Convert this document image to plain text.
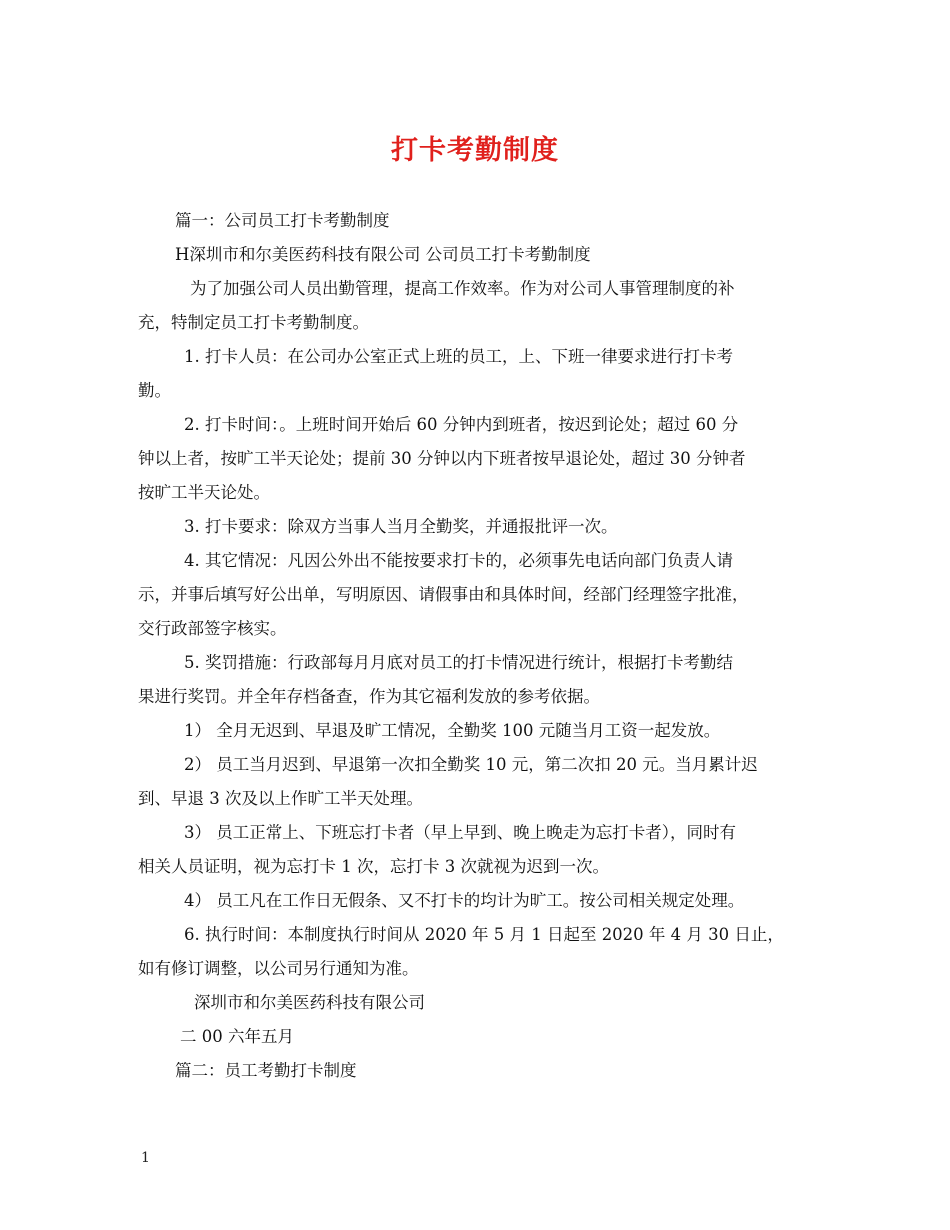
打卡考勤制度
篇一：公司员工打卡考勤制度
H深圳市和尔美医药科技有限公司 公司员工打卡考勤制度
为了加强公司人员出勤管理，提高工作效率。作为对公司人事管理制度的补
充，特制定员工打卡考勤制度。
1. 打卡人员：在公司办公室正式上班的员工，上、下班一律要求进行打卡考
勤。
2. 打卡时间：。上班时间开始后 60 分钟内到班者，按迟到论处；超过 60 分
钟以上者，按旷工半天论处；提前 30 分钟以内下班者按早退论处，超过 30 分钟者
按旷工半天论处。
3. 打卡要求：除双方当事人当月全勤奖，并通报批评一次。
4. 其它情况：凡因公外出不能按要求打卡的，必须事先电话向部门负责人请
示，并事后填写好公出单，写明原因、请假事由和具体时间，经部门经理签字批准，
交行政部签字核实。
5. 奖罚措施：行政部每月月底对员工的打卡情况进行统计，根据打卡考勤结
果进行奖罚。并全年存档备查，作为其它福利发放的参考依据。
1） 全月无迟到、早退及旷工情况，全勤奖 100 元随当月工资一起发放。
2） 员工当月迟到、早退第一次扣全勤奖 10 元，第二次扣 20 元。当月累计迟
到、早退 3 次及以上作旷工半天处理。
3） 员工正常上、下班忘打卡者（早上早到、晚上晚走为忘打卡者），同时有
相关人员证明，视为忘打卡 1 次，忘打卡 3 次就视为迟到一次。
4） 员工凡在工作日无假条、又不打卡的均计为旷工。按公司相关规定处理。
6. 执行时间：本制度执行时间从 2020 年 5 月 1 日起至 2020 年 4 月 30 日止，
如有修订调整，以公司另行通知为准。
深圳市和尔美医药科技有限公司
二 00 六年五月
篇二：员工考勤打卡制度
1
